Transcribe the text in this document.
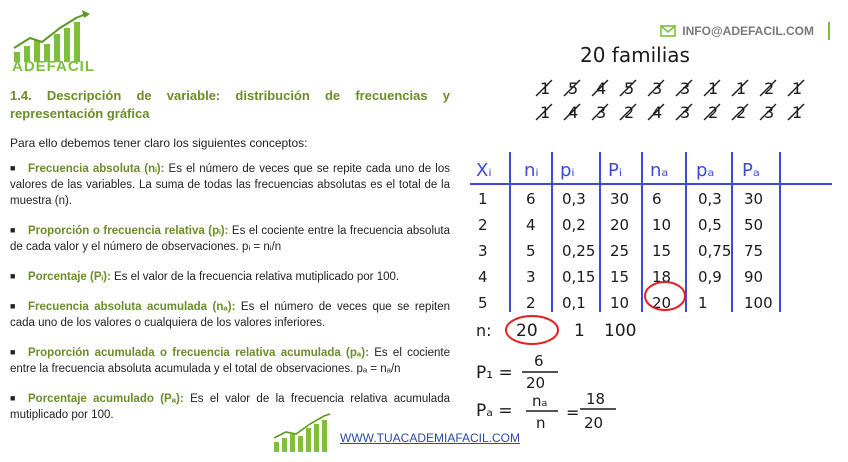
ADEFACIL
INFO@ADEFACIL.COM
1.4. Descripción de variable: distribución de frecuencias y representación gráfica
Para ello debemos tener claro los siguientes conceptos:
■ Frecuencia absoluta (nᵢ): Es el número de veces que se repite cada uno de los valores de las variables. La suma de todas las frecuencias absolutas es el total de la muestra (n).
■ Proporción o frecuencia relativa (pᵢ): Es el cociente entre la frecuencia absoluta de cada valor y el número de observaciones. pᵢ = nᵢ/n
■ Porcentaje (Pᵢ): Es el valor de la frecuencia relativa mutiplicado por 100.
■ Frecuencia absoluta acumulada (nₐ): Es el número de veces que se repiten cada uno de los valores o cualquiera de los valores inferiores.
■ Proporción acumulada o frecuencia relativa acumulada (pₐ): Es el cociente entre la frecuencia absoluta acumulada y el total de observaciones. pₐ = nₐ/n
■ Porcentaje acumulado (Pₐ): Es el valor de la frecuencia relativa acumulada mutiplicado por 100.
20 familias
1 5 4 5 3 3 1 1 2 1
1 4 3 2 4 3 2 2 3 1
Xᵢ nᵢ pᵢ Pᵢ nₐ pₐ Pₐ
1	6 0,3 30 6 0,3 30
2	4 0,2 20 10 0,5 50
3	5 0,25 25 15 0,75 75
4	3 0,15 15 18 0,9 90
5	2 0,1 10 20 1 100
n: 20 1 100
P₁ =
6
20
Pₐ = nₐ
n
=
18
20
WWW.TUACADEMIAFACIL.COM
